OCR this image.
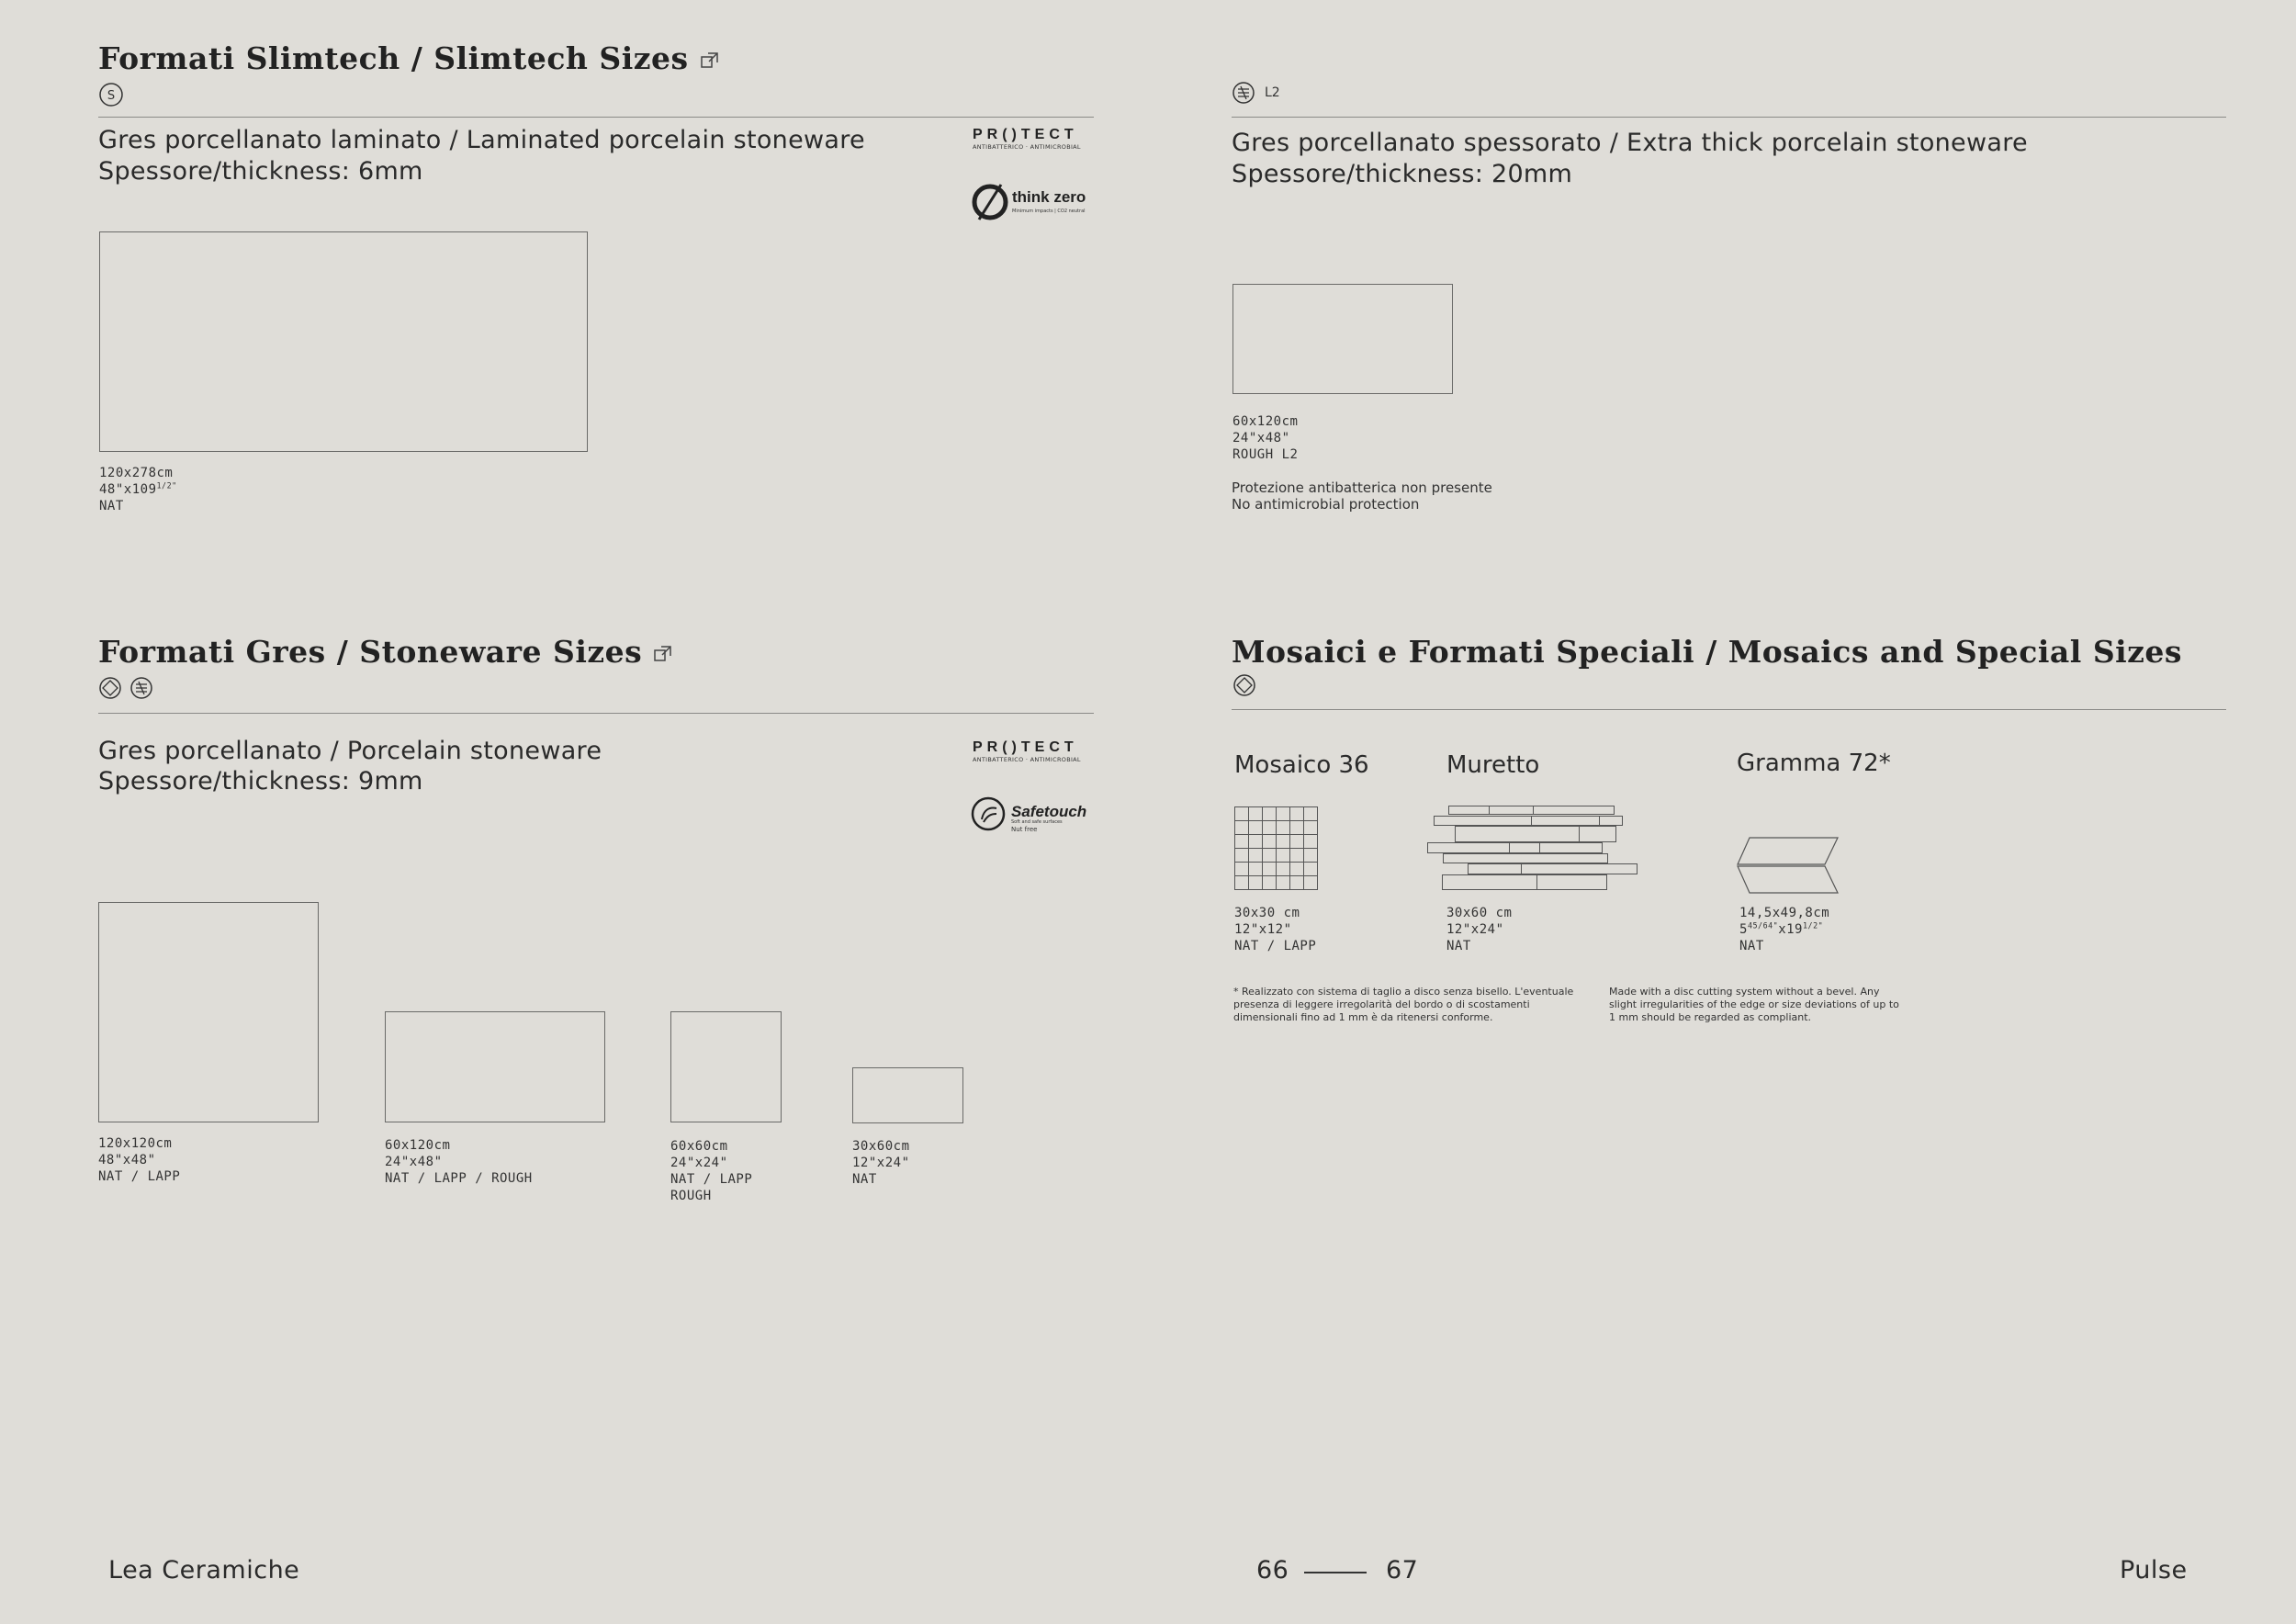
Formati Slimtech / Slimtech Sizes
S
Gres porcellanato laminato / Laminated porcelain stoneware
Spessore/thickness: 6mm
PR()TECT
ANTIBATTERICO · ANTIMICROBIAL
think zero
Minimum impacts | CO2 neutral
120x278cm
$48"x109^{1/2"}$
NAT
L2
Gres porcellanato spessorato / Extra thick porcelain stoneware
Spessore/thickness: 20mm
60x120cm
24"x48"
ROUGH L2
Protezione antibatterica non presente
No antimicrobial protection
Formati Gres / Stoneware Sizes
Gres porcellanato / Porcelain stoneware
Spessore/thickness: 9mm
PR()TECT
ANTIBATTERICO · ANTIMICROBIAL
Safetouch
Soft and safe surfaces
Nut free
120x120cm
48"x48"
NAT / LAPP
60x120cm
24"x48"
NAT / LAPP / ROUGH
60x60cm
24"x24"
NAT / LAPP
ROUGH
30x60cm
12"x24"
NAT
Mosaici e Formati Speciali / Mosaics and Special Sizes
Mosaico 36	Muretto	Gramma 72*
30x30 cm
12"x12"
NAT / LAPP
30x60 cm
12"x24"
NAT
14,5x49,8cm
$5^{45/64"}x19^{1/2"}$
NAT
* Realizzato con sistema di taglio a disco senza bisello. L'eventuale presenza di leggere irregolarità del bordo o di scostamenti dimensionali fino ad 1 mm è da ritenersi conforme.
Made with a disc cutting system without a bevel. Any slight irregularities of the edge or size deviations of up to 1 mm should be regarded as compliant.
Lea Ceramiche	66	67	Pulse
